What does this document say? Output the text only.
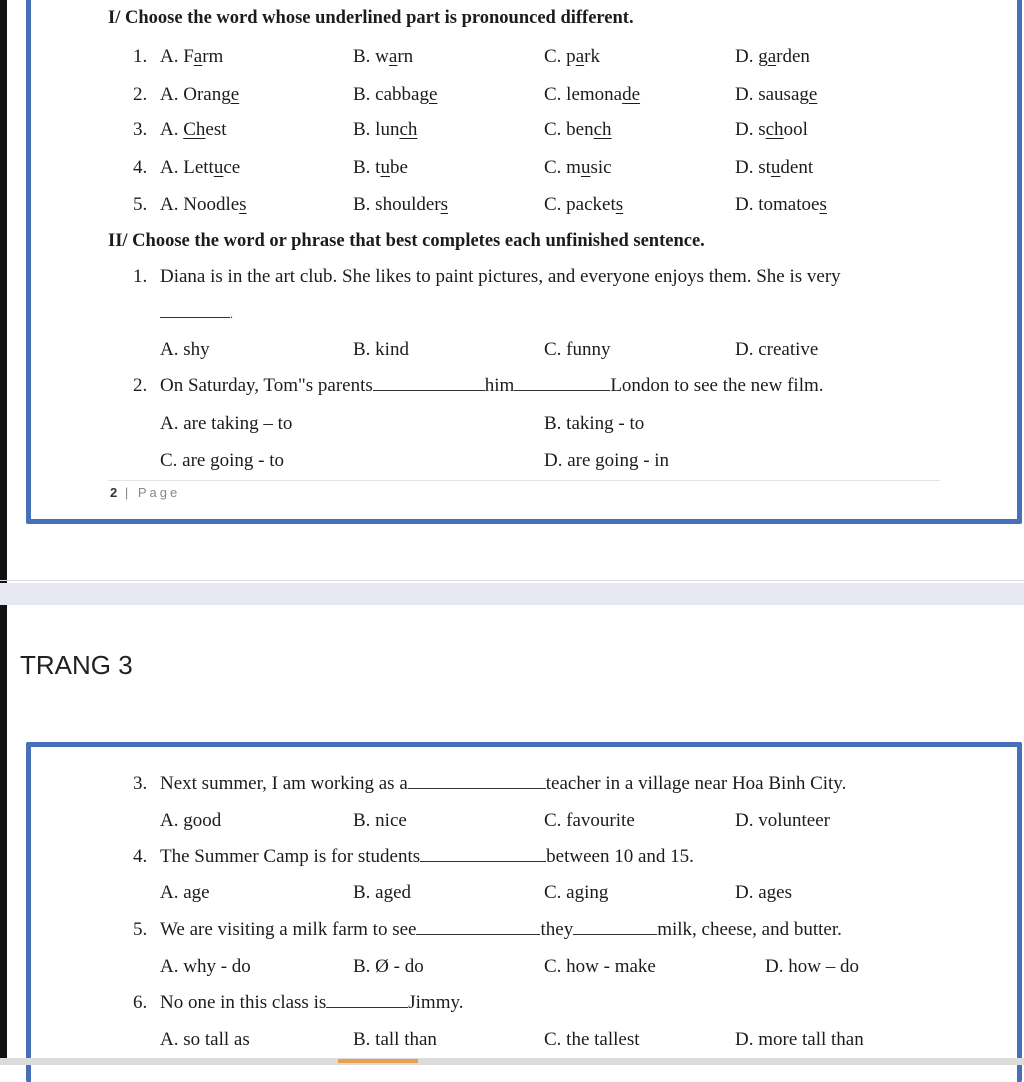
I/ Choose the word whose underlined part is pronounced different.
1. A. Farm	B. warn	C. park	D. garden
2. A. Orange	B. cabbage	C. lemonade	D. sausage
3. A. Chest	B. lunch	C. bench	D. school
4. A. Lettuce	B. tube	C. music	D. student
5. A. Noodles	B. shoulders	C. packets	D. tomatoes
II/ Choose the word or phrase that best completes each unfinished sentence.
1. Diana is in the art club. She likes to paint pictures, and everyone enjoys them. She is very
.
A. shy	B. kind	C. funny	D. creative
2. On Saturday, Tom"s parents	him	London to see the new film.
A. are taking – to	B. taking - to
C. are going - to	D. are going - in
2 | Page
TRANG 3
3. Next summer, I am working as a	teacher in a village near Hoa Binh City.
A. good	B. nice	C. favourite	D. volunteer
4. The Summer Camp is for students	between 10 and 15.
A. age	B. aged	C. aging	D. ages
5. We are visiting a milk farm to see	they	milk, cheese, and butter.
A. why - do	B. Ø - do	C. how - make	D. how – do
6. No one in this class is	Jimmy.
A. so tall as	B. tall than	C. the tallest	D. more tall than
